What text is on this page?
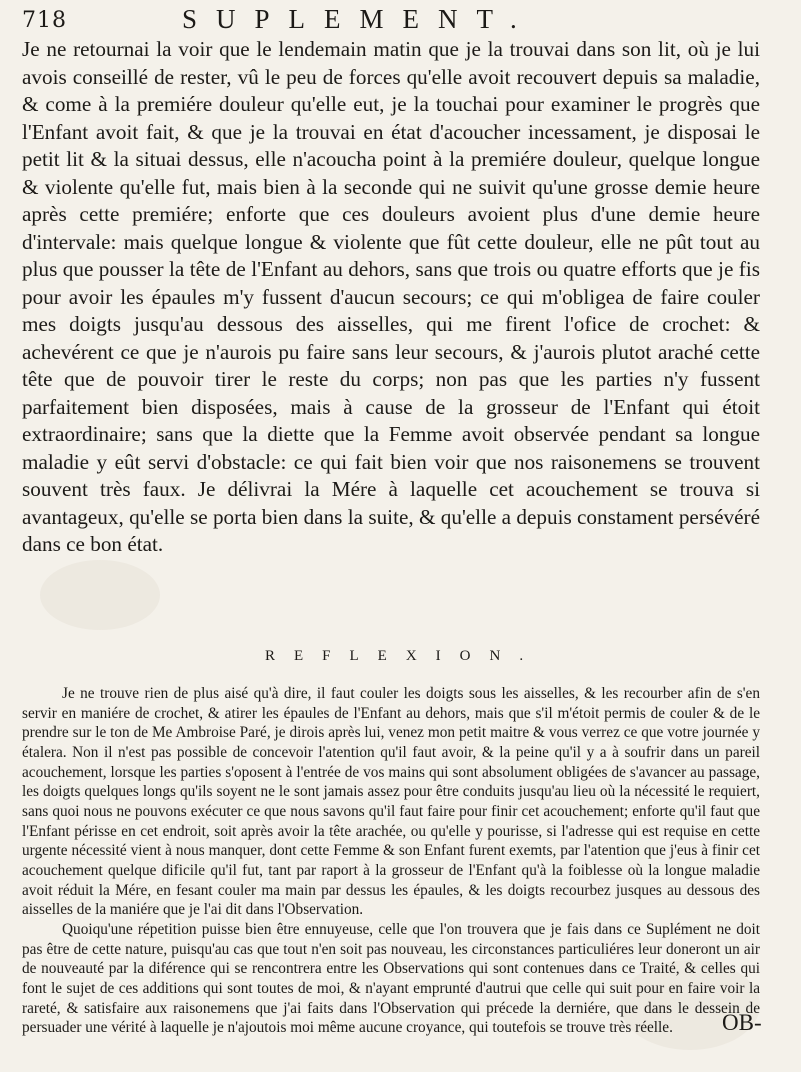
718	SUPLEMENT.

Je ne retournai la voir que le lendemain matin que je la trouvai dans son lit, où je lui avois conseillé de rester, vû le peu de forces qu'elle avoit recouvert depuis sa maladie, & come à la premiére douleur qu'elle eut, je la touchai pour examiner le progrès que l'Enfant avoit fait, & que je la trouvai en état d'acoucher incessament, je disposai le petit lit & la situai dessus, elle n'acoucha point à la premiére douleur, quelque longue & violente qu'elle fut, mais bien à la seconde qui ne suivit qu'une grosse demie heure après cette premiére; enforte que ces douleurs avoient plus d'une demie heure d'intervale: mais quelque longue & violente que fût cette douleur, elle ne pût tout au plus que pousser la tête de l'Enfant au dehors, sans que trois ou quatre efforts que je fis pour avoir les épaules m'y fussent d'aucun secours; ce qui m'obligea de faire couler mes doigts jusqu'au dessous des aisselles, qui me firent l'ofice de crochet: & achevérent ce que je n'aurois pu faire sans leur secours, & j'aurois plutot araché cette tête que de pouvoir tirer le reste du corps; non pas que les parties n'y fussent parfaitement bien disposées, mais à cause de la grosseur de l'Enfant qui étoit extraordinaire; sans que la diette que la Femme avoit observée pendant sa longue maladie y eût servi d'obstacle: ce qui fait bien voir que nos raisonemens se trouvent souvent très faux. Je délivrai la Mére à laquelle cet acouchement se trouva si avantageux, qu'elle se porta bien dans la suite, & qu'elle a depuis constament persévéré dans ce bon état.

REFLEXION.

Je ne trouve rien de plus aisé qu'à dire, il faut couler les doigts sous les aisselles, & les recourber afin de s'en servir en maniére de crochet, & atirer les épaules de l'Enfant au dehors, mais que s'il m'étoit permis de couler & de le prendre sur le ton de Me Ambroise Paré, je dirois après lui, venez mon petit maitre & vous verrez ce que votre journée y étalera. Non il n'est pas possible de concevoir l'atention qu'il faut avoir, & la peine qu'il y a à soufrir dans un pareil acouchement, lorsque les parties s'oposent à l'entrée de vos mains qui sont absolument obligées de s'avancer au passage, les doigts quelques longs qu'ils soyent ne le sont jamais assez pour être conduits jusqu'au lieu où la nécessité le requiert, sans quoi nous ne pouvons exécuter ce que nous savons qu'il faut faire pour finir cet acouchement; enforte qu'il faut que l'Enfant périsse en cet endroit, soit après avoir la tête arachée, ou qu'elle y pourisse, si l'adresse qui est requise en cette urgente nécessité vient à nous manquer, dont cette Femme & son Enfant furent exemts, par l'atention que j'eus à finir cet acouchement quelque dificile qu'il fut, tant par raport à la grosseur de l'Enfant qu'à la foiblesse où la longue maladie avoit réduit la Mére, en fesant couler ma main par dessus les épaules, & les doigts recourbez jusques au dessous des aisselles de la maniére que je l'ai dit dans l'Observation.

Quoiqu'une répetition puisse bien être ennuyeuse, celle que l'on trouvera que je fais dans ce Suplément ne doit pas être de cette nature, puisqu'au cas que tout n'en soit pas nouveau, les circonstances particuliéres leur doneront un air de nouveauté par la diférence qui se rencontrera entre les Observations qui sont contenues dans ce Traité, & celles qui font le sujet de ces additions qui sont toutes de moi, & n'ayant emprunté d'autrui que celle qui suit pour en faire voir la rareté, & satisfaire aux raisonemens que j'ai faits dans l'Observation qui précede la derniére, que dans le dessein de persuader une vérité à laquelle je n'ajoutois moi même aucune croyance, qui toutefois se trouve très réelle.	OB-
